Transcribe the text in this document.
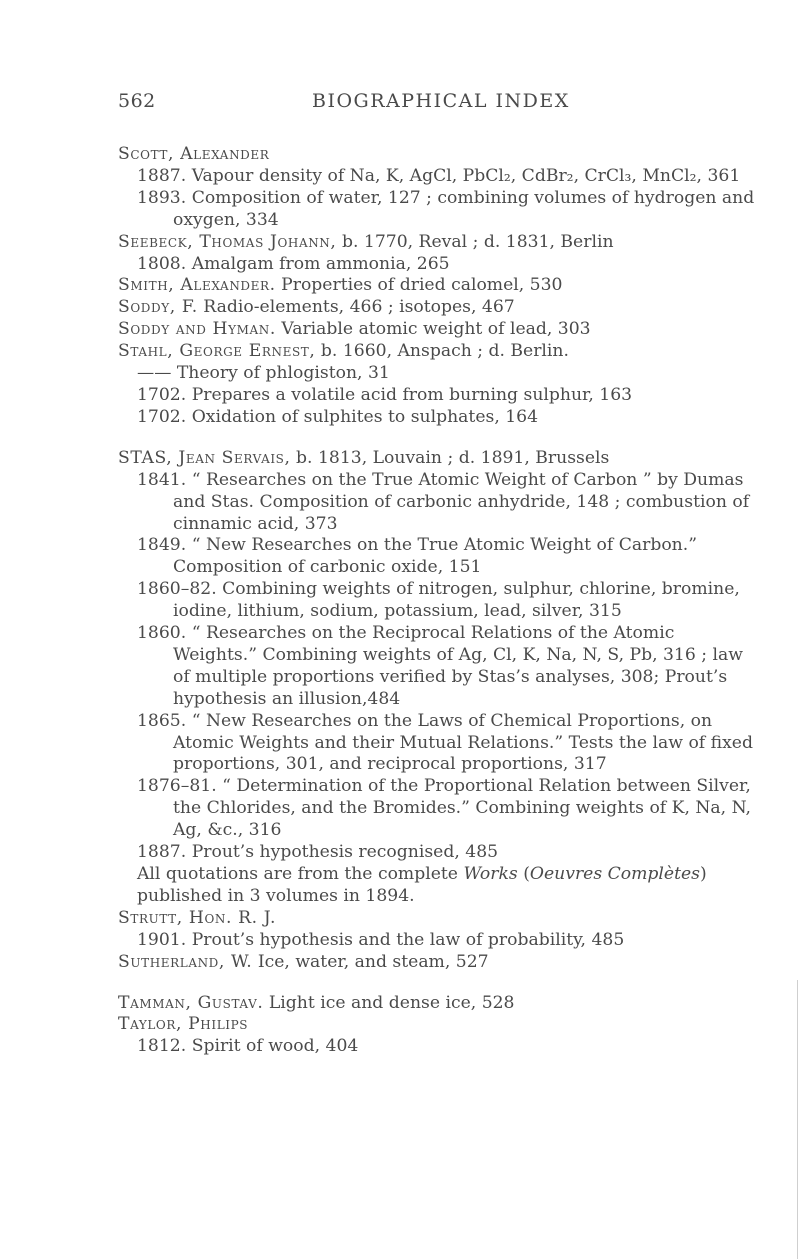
562	BIOGRAPHICAL INDEX
Scott, Alexander

1887. Vapour density of Na, K, AgCl, PbCl₂, CdBr₂, CrCl₃, MnCl₂, 361

1893. Composition of water, 127 ; combining volumes of hydrogen and oxygen, 334

Seebeck, Thomas Johann, b. 1770, Reval ; d. 1831, Berlin

1808. Amalgam from ammonia, 265

Smith, Alexander. Properties of dried calomel, 530
Soddy, F. Radio-elements, 466 ; isotopes, 467
Soddy and Hyman. Variable atomic weight of lead, 303
Stahl, George Ernest, b. 1660, Anspach ; d. Berlin.

—— Theory of phlogiston, 31

1702. Prepares a volatile acid from burning sulphur, 163

1702. Oxidation of sulphites to sulphates, 164

STAS, Jean Servais, b. 1813, Louvain ; d. 1891, Brussels

1841. “ Researches on the True Atomic Weight of Carbon ” by Dumas and Stas. Composition of carbonic anhydride, 148 ; combustion of cinnamic acid, 373

1849. “ New Researches on the True Atomic Weight of Carbon.” Composition of carbonic oxide, 151

1860–82. Combining weights of nitrogen, sulphur, chlorine, bromine, iodine, lithium, sodium, potassium, lead, silver, 315

1860. “ Researches on the Reciprocal Relations of the Atomic Weights.” Combining weights of Ag, Cl, K, Na, N, S, Pb, 316 ; law of multiple proportions verified by Stas’s analyses, 308; Prout’s hypothesis an illusion,484

1865. “ New Researches on the Laws of Chemical Proportions, on Atomic Weights and their Mutual Relations.” Tests the law of fixed proportions, 301, and reciprocal proportions, 317

1876–81. “ Determination of the Proportional Relation between Silver, the Chlorides, and the Bromides.” Combining weights of K, Na, N, Ag, &c., 316

1887. Prout’s hypothesis recognised, 485

All quotations are from the complete Works (Oeuvres Complètes) published in 3 volumes in 1894.

Strutt, Hon. R. J.

1901. Prout’s hypothesis and the law of probability, 485

Sutherland, W. Ice, water, and steam, 527
Tamman, Gustav. Light ice and dense ice, 528
Taylor, Philips

1812. Spirit of wood, 404
